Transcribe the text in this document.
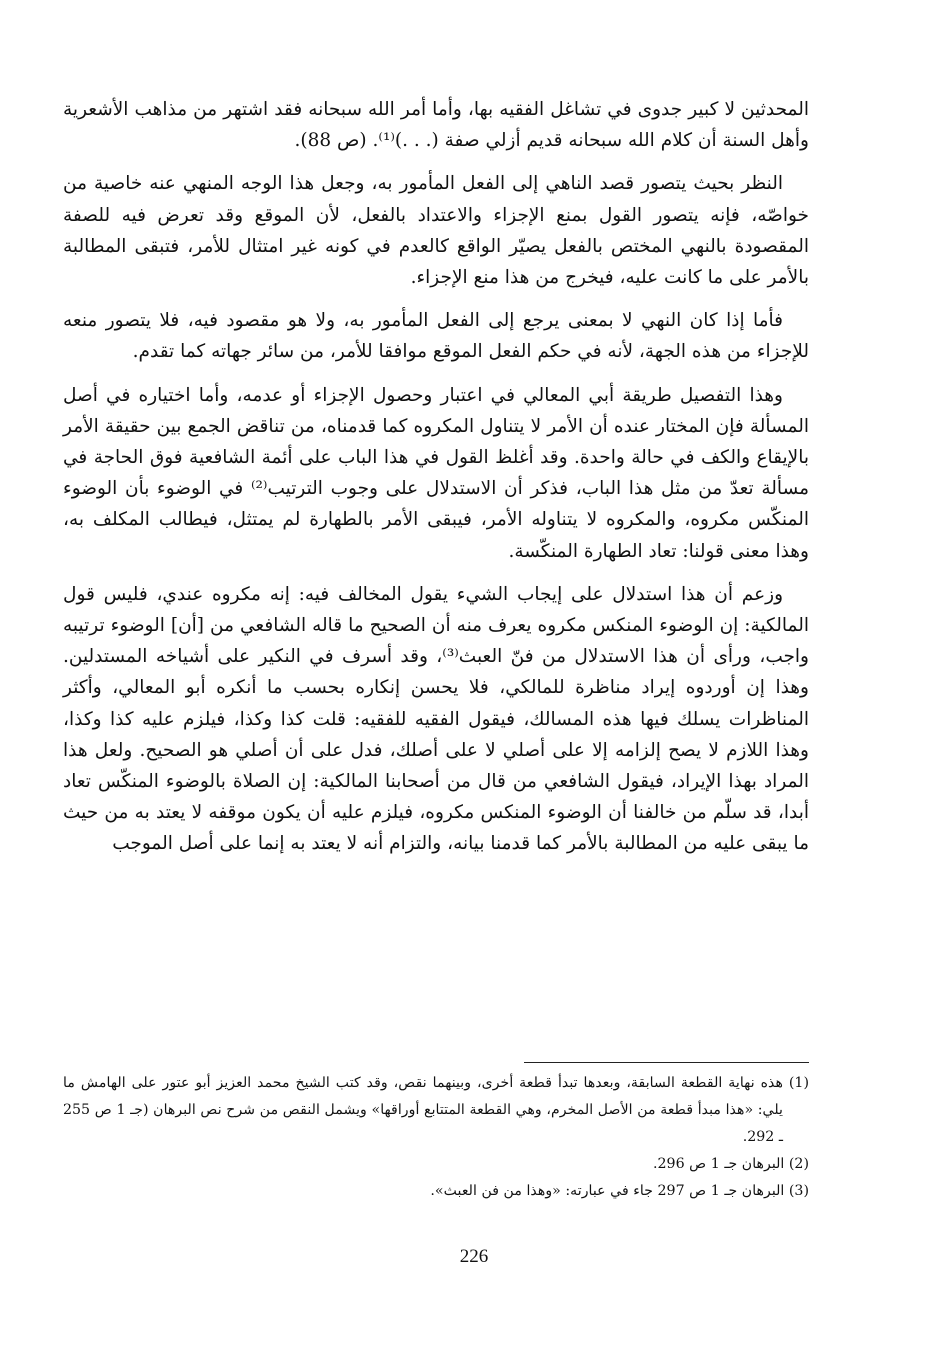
المحدثين لا كبير جدوى في تشاغل الفقيه بها، وأما أمر الله سبحانه فقد اشتهر من مذاهب الأشعرية وأهل السنة أن كلام الله سبحانه قديم أزلي صفة (. . .)⁽¹⁾. (ص 88).

النظر بحيث يتصور قصد الناهي إلى الفعل المأمور به، وجعل هذا الوجه المنهي عنه خاصية من خواصّه، فإنه يتصور القول بمنع الإجزاء والاعتداد بالفعل، لأن الموقع وقد تعرض فيه للصفة المقصودة بالنهي المختص بالفعل يصيّر الواقع كالعدم في كونه غير امتثال للأمر، فتبقى المطالبة بالأمر على ما كانت عليه، فيخرج من هذا منع الإجزاء.

فأما إذا كان النهي لا بمعنى يرجع إلى الفعل المأمور به، ولا هو مقصود فيه، فلا يتصور منعه للإجزاء من هذه الجهة، لأنه في حكم الفعل الموقع موافقا للأمر، من سائر جهاته كما تقدم.

وهذا التفصيل طريقة أبي المعالي في اعتبار وحصول الإجزاء أو عدمه، وأما اختياره في أصل المسألة فإن المختار عنده أن الأمر لا يتناول المكروه كما قدمناه، من تناقض الجمع بين حقيقة الأمر بالإيقاع والكف في حالة واحدة. وقد أغلظ القول في هذا الباب على أئمة الشافعية فوق الحاجة في مسألة تعدّ من مثل هذا الباب، فذكر أن الاستدلال على وجوب الترتيب⁽²⁾ في الوضوء بأن الوضوء المنكّس مكروه، والمكروه لا يتناوله الأمر، فيبقى الأمر بالطهارة لم يمتثل، فيطالب المكلف به، وهذا معنى قولنا: تعاد الطهارة المنكّسة.

وزعم أن هذا استدلال على إيجاب الشيء يقول المخالف فيه: إنه مكروه عندي، فليس قول المالكية: إن الوضوء المنكس مكروه يعرف منه أن الصحيح ما قاله الشافعي من [أن] الوضوء ترتيبه واجب، ورأى أن هذا الاستدلال من فنّ العبث⁽³⁾، وقد أسرف في النكير على أشياخه المستدلين. وهذا إن أوردوه إيراد مناظرة للمالكي، فلا يحسن إنكاره بحسب ما أنكره أبو المعالي، وأكثر المناظرات يسلك فيها هذه المسالك، فيقول الفقيه للفقيه: قلت كذا وكذا، فيلزم عليه كذا وكذا، وهذا اللازم لا يصح إلزامه إلا على أصلي لا على أصلك، فدل على أن أصلي هو الصحيح. ولعل هذا المراد بهذا الإيراد، فيقول الشافعي من قال من أصحابنا المالكية: إن الصلاة بالوضوء المنكّس تعاد أبدا، قد سلّم من خالفنا أن الوضوء المنكس مكروه، فيلزم عليه أن يكون موقفه لا يعتد به من حيث ما يبقى عليه من المطالبة بالأمر كما قدمنا بيانه، والتزام أنه لا يعتد به إنما على أصل الموجب

(1) هذه نهاية القطعة السابقة، وبعدها تبدأ قطعة أخرى، وبينهما نقص، وقد كتب الشيخ محمد العزيز أبو عتور على الهامش ما يلي: «هذا مبدأ قطعة من الأصل المخرم، وهي القطعة المتتابع أوراقها» ويشمل النقص من شرح نص البرهان (جـ 1 ص 255 ـ 292.

(2) البرهان جـ 1 ص 296.

(3) البرهان جـ 1 ص 297 جاء في عبارته: «وهذا من فن العبث».

226
